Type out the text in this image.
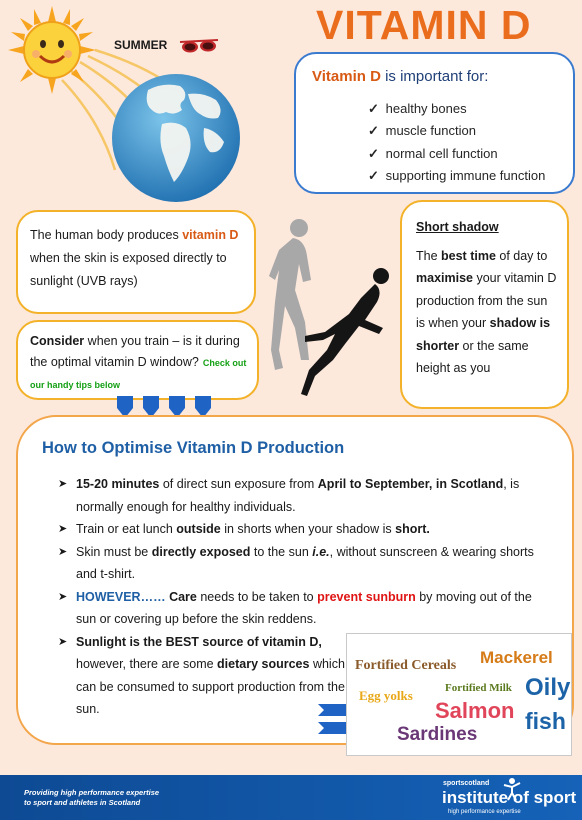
SUMMER	VITAMIN D
Vitamin D is important for:
✓ healthy bones
✓ muscle function
✓ normal cell function
✓ supporting immune function
The human body produces vitamin D when the skin is exposed directly to sunlight (UVB rays)
Consider when you train – is it during the optimal vitamin D window? Check out our handy tips below
Short shadow
The best time of day to maximise your vitamin D production from the sun is when your shadow is shorter or the same height as you
How to Optimise Vitamin D Production
➤ 15-20 minutes of direct sun exposure from April to September, in Scotland, is normally enough for healthy individuals.
➤ Train or eat lunch outside in shorts when your shadow is short.
➤ Skin must be directly exposed to the sun i.e., without sunscreen & wearing shorts and t-shirt.
➤ HOWEVER…… Care needs to be taken to prevent sunburn by moving out of the sun or covering up before the skin reddens.
➤ Sunlight is the BEST source of vitamin D, however, there are some dietary sources which can be consumed to support production from the sun.
Fortified Cereals Mackerel
Egg yolks	Fortified Milk Oily
Salmon fish
Sardines
Providing high performance expertise
to sport and athletes in Scotland
sportscotland
institute of sport
high performance expertise
